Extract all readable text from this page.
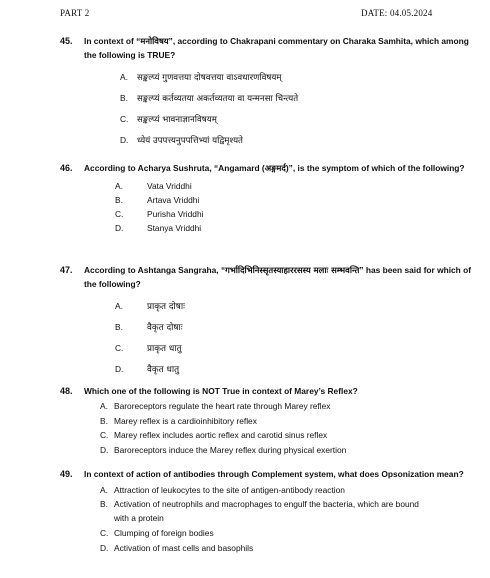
PART 2	DATE: 04.05.2024
45.	In context of “मनोविषय”, according to Chakrapani commentary on Charaka Samhita, which among the following is TRUE?
A.	सङ्कल्प्यं गुणवत्तया दोषवत्तया वाऽवधारणविषयम्
B.	सङ्कल्प्यं कर्तव्यतया अकर्तव्यतया वा यन्मनसा चिन्त्यते
C.	सङ्कल्प्यं भावनाज्ञानविषयम्
D.	ध्येयं उपपत्त्यनुपपत्तिभ्यां यद्विमृश्यते
46.	According to Acharya Sushruta, “Angamard (अङ्गमर्द)”, is the symptom of which of the following?
A.	Vata Vriddhi
B.	Artava Vriddhi
C.	Purisha Vriddhi
D.	Stanya Vriddhi
47.	According to Ashtanga Sangraha, “गर्भादिभिनिस्सृतस्याहाररसस्य मलाः सम्भवन्ति” has been said for which of the following?
A.	प्राकृत दोषाः
B.	वैकृत दोषाः
C.	प्राकृत धातु
D.	वैकृत धातु
48.	Which one of the following is NOT True in context of Marey’s Reflex?
A. Baroreceptors regulate the heart rate through Marey reflex
B. Marey reflex is a cardioinhibitory reflex
C. Marey reflex includes aortic reflex and carotid sinus reflex
D. Baroreceptors induce the Marey reflex during physical exertion
49.	In context of action of antibodies through Complement system, what does Opsonization mean?
A. Attraction of leukocytes to the site of antigen-antibody reaction
B. Activation of neutrophils and macrophages to engulf the bacteria, which are bound with a protein
C. Clumping of foreign bodies
D. Activation of mast cells and basophils
